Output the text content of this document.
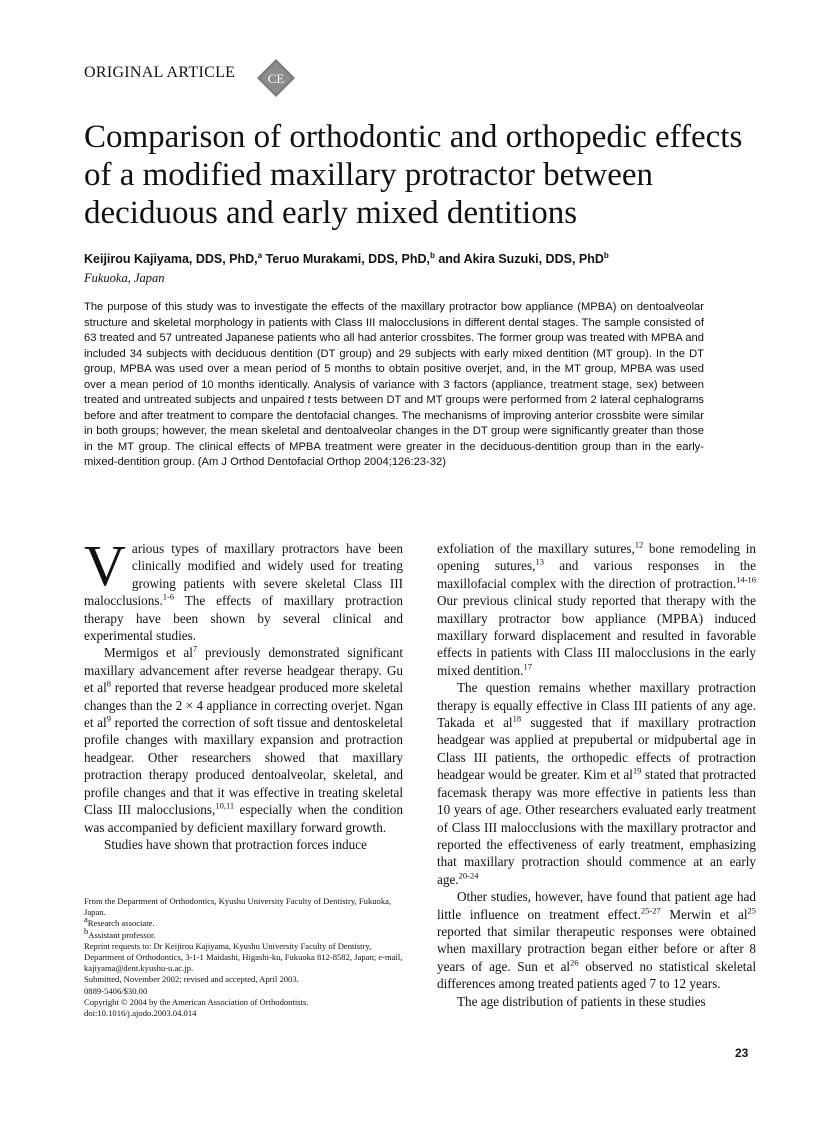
ORIGINAL ARTICLE CE
Comparison of orthodontic and orthopedic effects of a modified maxillary protractor between deciduous and early mixed dentitions
Keijirou Kajiyama, DDS, PhD,$^a$ Teruo Murakami, DDS, PhD,$^b$ and Akira Suzuki, DDS, PhD$^b$
Fukuoka, Japan

The purpose of this study was to investigate the effects of the maxillary protractor bow appliance (MPBA) on dentoalveolar structure and skeletal morphology in patients with Class III malocclusions in different dental stages. The sample consisted of 63 treated and 57 untreated Japanese patients who all had anterior crossbites. The former group was treated with MPBA and included 34 subjects with deciduous dentition (DT group) and 29 subjects with early mixed dentition (MT group). In the DT group, MPBA was used over a mean period of 5 months to obtain positive overjet, and, in the MT group, MPBA was used over a mean period of 10 months identically. Analysis of variance with 3 factors (appliance, treatment stage, sex) between treated and untreated subjects and unpaired t tests between DT and MT groups were performed from 2 lateral cephalograms before and after treatment to compare the dentofacial changes. The mechanisms of improving anterior crossbite were similar in both groups; however, the mean skeletal and dentoalveolar changes in the DT group were significantly greater than those in the MT group. The clinical effects of MPBA treatment were greater in the deciduous-dentition group than in the early-mixed-dentition group. (Am J Orthod Dentofacial Orthop 2004;126:23-32)

Various types of maxillary protractors have been clinically modified and widely used for treating growing patients with severe skeletal Class III malocclusions.$^{1-6}$ The effects of maxillary protraction therapy have been shown by several clinical and experimental studies.

Mermigos et $al^7$ previously demonstrated significant maxillary advancement after reverse headgear therapy. Gu et $al^8$ reported that reverse headgear produced more skeletal changes than the 2 × 4 appliance in correcting overjet. Ngan et $al^9$ reported the correction of soft tissue and dentoskeletal profile changes with maxillary expansion and protraction headgear. Other researchers showed that maxillary protraction therapy produced dentoalveolar, skeletal, and profile changes and that it was effective in treating skeletal Class III malocclusions,$^{10,11}$ especially when the condition was accompanied by deficient maxillary forward growth.

Studies have shown that protraction forces induce

exfoliation of the maxillary sutures,$^{12}$ bone remodeling in opening sutures,$^{13}$ and various responses in the maxillofacial complex with the direction of protraction.$^{14-16}$ Our previous clinical study reported that therapy with the maxillary protractor bow appliance (MPBA) induced maxillary forward displacement and resulted in favorable effects in patients with Class III malocclusions in the early mixed dentition.$^{17}$

The question remains whether maxillary protraction therapy is equally effective in Class III patients of any age. Takada et $al^{18}$ suggested that if maxillary protraction headgear was applied at prepubertal or midpubertal age in Class III patients, the orthopedic effects of protraction headgear would be greater. Kim et $al^{19}$ stated that protracted facemask therapy was more effective in patients less than 10 years of age. Other researchers evaluated early treatment of Class III malocclusions with the maxillary protractor and reported the effectiveness of early treatment, emphasizing that maxillary protraction should commence at an early age.$^{20-24}$

Other studies, however, have found that patient age had little influence on treatment effect.$^{25-27}$ Merwin et $al^{25}$ reported that similar therapeutic responses were obtained when maxillary protraction began either before or after 8 years of age. Sun et $al^{26}$ observed no statistical skeletal differences among treated patients aged 7 to 12 years.

The age distribution of patients in these studies

From the Department of Orthodontics, Kyushu University Faculty of Dentistry, Fukuoka, Japan.
$^a$Research associate.
$^b$Assistant professor.
Reprint requests to: Dr Keijirou Kajiyama, Kyushu University Faculty of Dentistry, Department of Orthodontics, 3-1-1 Maidashi, Higashi-ku, Fukuoka 812-8582, Japan; e-mail, kajiyama@dent.kyushu-u.ac.jp.
Submitted, November 2002; revised and accepted, April 2003.
0889-5406/$30.00
Copyright © 2004 by the American Association of Orthodontists.
doi:10.1016/j.ajodo.2003.04.014
23
